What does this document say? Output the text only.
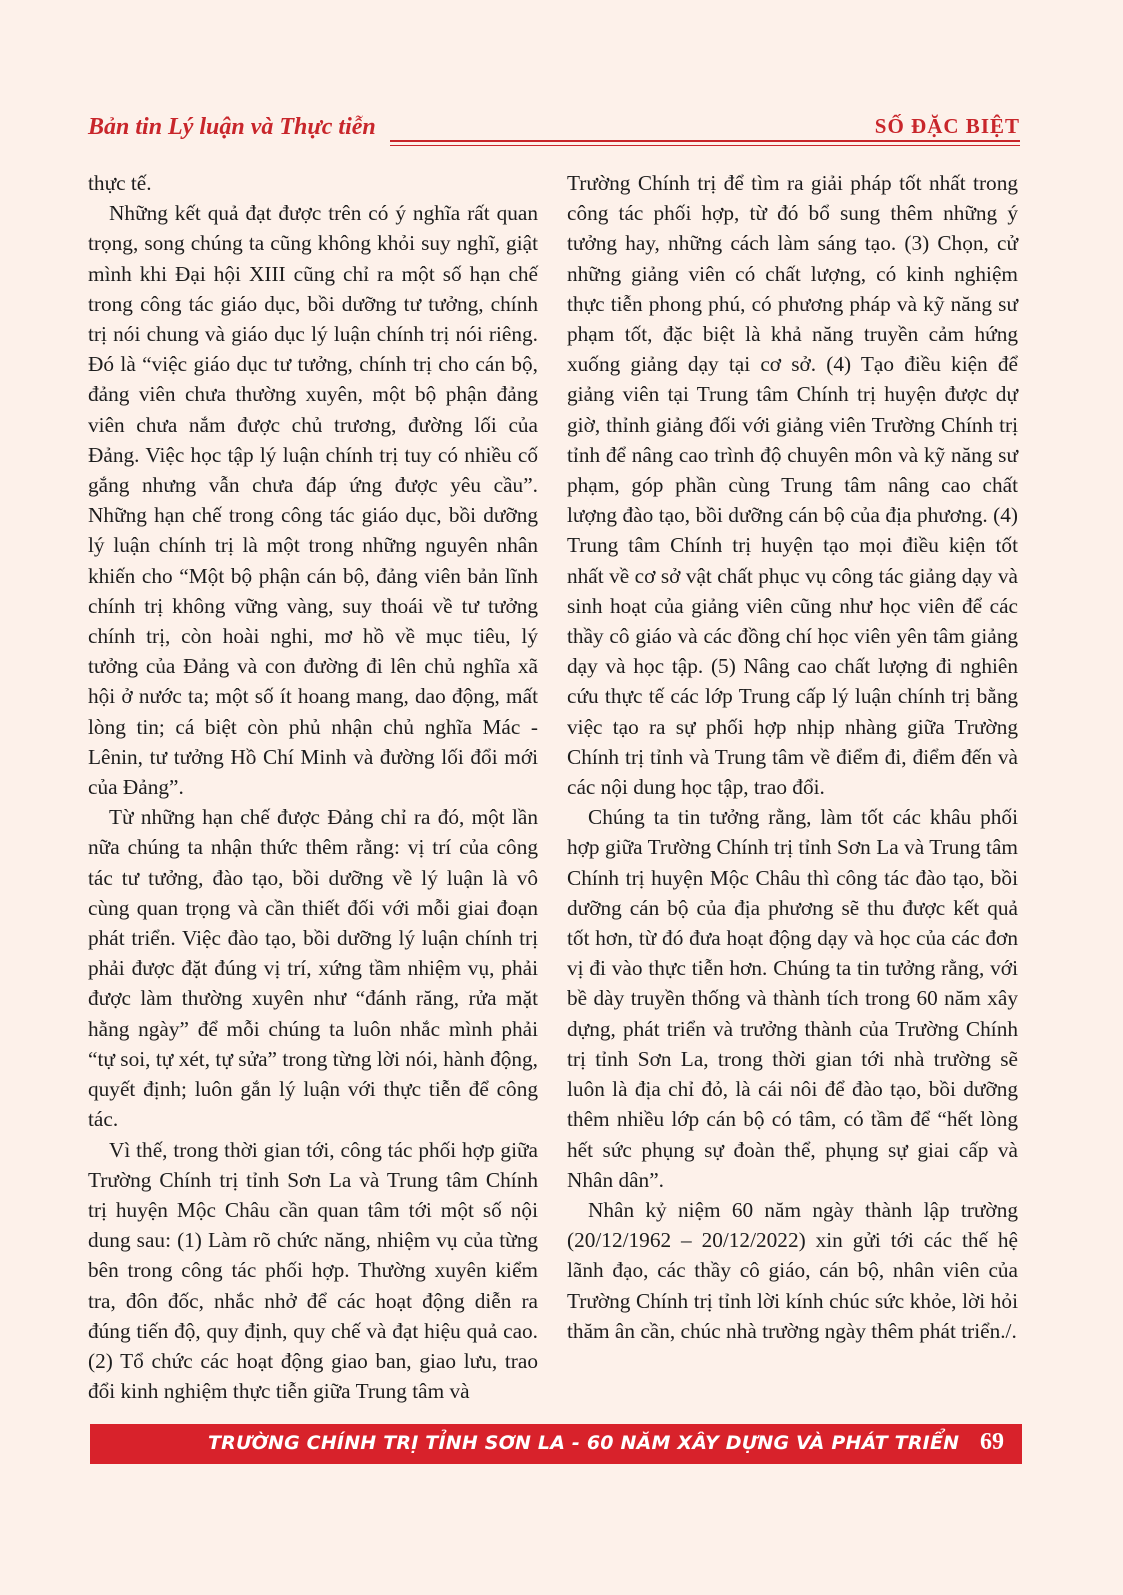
Bản tin Lý luận và Thực tiễn	SỐ ĐẶC BIỆT

thực tế.

Những kết quả đạt được trên có ý nghĩa rất quan trọng, song chúng ta cũng không khỏi suy nghĩ, giật mình khi Đại hội XIII cũng chỉ ra một số hạn chế trong công tác giáo dục, bồi dưỡng tư tưởng, chính trị nói chung và giáo dục lý luận chính trị nói riêng. Đó là “việc giáo dục tư tưởng, chính trị cho cán bộ, đảng viên chưa thường xuyên, một bộ phận đảng viên chưa nắm được chủ trương, đường lối của Đảng. Việc học tập lý luận chính trị tuy có nhiều cố gắng nhưng vẫn chưa đáp ứng được yêu cầu”. Những hạn chế trong công tác giáo dục, bồi dưỡng lý luận chính trị là một trong những nguyên nhân khiến cho “Một bộ phận cán bộ, đảng viên bản lĩnh chính trị không vững vàng, suy thoái về tư tưởng chính trị, còn hoài nghi, mơ hồ về mục tiêu, lý tưởng của Đảng và con đường đi lên chủ nghĩa xã hội ở nước ta; một số ít hoang mang, dao động, mất lòng tin; cá biệt còn phủ nhận chủ nghĩa Mác - Lênin, tư tưởng Hồ Chí Minh và đường lối đổi mới của Đảng”.

Từ những hạn chế được Đảng chỉ ra đó, một lần nữa chúng ta nhận thức thêm rằng: vị trí của công tác tư tưởng, đào tạo, bồi dưỡng về lý luận là vô cùng quan trọng và cần thiết đối với mỗi giai đoạn phát triển. Việc đào tạo, bồi dưỡng lý luận chính trị phải được đặt đúng vị trí, xứng tầm nhiệm vụ, phải được làm thường xuyên như “đánh răng, rửa mặt hằng ngày” để mỗi chúng ta luôn nhắc mình phải “tự soi, tự xét, tự sửa” trong từng lời nói, hành động, quyết định; luôn gắn lý luận với thực tiễn để công tác.

Vì thế, trong thời gian tới, công tác phối hợp giữa Trường Chính trị tỉnh Sơn La và Trung tâm Chính trị huyện Mộc Châu cần quan tâm tới một số nội dung sau: (1) Làm rõ chức năng, nhiệm vụ của từng bên trong công tác phối hợp. Thường xuyên kiểm tra, đôn đốc, nhắc nhở để các hoạt động diễn ra đúng tiến độ, quy định, quy chế và đạt hiệu quả cao. (2) Tổ chức các hoạt động giao ban, giao lưu, trao đổi kinh nghiệm thực tiễn giữa Trung tâm và

Trường Chính trị để tìm ra giải pháp tốt nhất trong công tác phối hợp, từ đó bổ sung thêm những ý tưởng hay, những cách làm sáng tạo. (3) Chọn, cử những giảng viên có chất lượng, có kinh nghiệm thực tiễn phong phú, có phương pháp và kỹ năng sư phạm tốt, đặc biệt là khả năng truyền cảm hứng xuống giảng dạy tại cơ sở. (4) Tạo điều kiện để giảng viên tại Trung tâm Chính trị huyện được dự giờ, thỉnh giảng đối với giảng viên Trường Chính trị tỉnh để nâng cao trình độ chuyên môn và kỹ năng sư phạm, góp phần cùng Trung tâm nâng cao chất lượng đào tạo, bồi dưỡng cán bộ của địa phương. (4) Trung tâm Chính trị huyện tạo mọi điều kiện tốt nhất về cơ sở vật chất phục vụ công tác giảng dạy và sinh hoạt của giảng viên cũng như học viên để các thầy cô giáo và các đồng chí học viên yên tâm giảng dạy và học tập. (5) Nâng cao chất lượng đi nghiên cứu thực tế các lớp Trung cấp lý luận chính trị bằng việc tạo ra sự phối hợp nhịp nhàng giữa Trường Chính trị tỉnh và Trung tâm về điểm đi, điểm đến và các nội dung học tập, trao đổi.

Chúng ta tin tưởng rằng, làm tốt các khâu phối hợp giữa Trường Chính trị tỉnh Sơn La và Trung tâm Chính trị huyện Mộc Châu thì công tác đào tạo, bồi dưỡng cán bộ của địa phương sẽ thu được kết quả tốt hơn, từ đó đưa hoạt động dạy và học của các đơn vị đi vào thực tiễn hơn. Chúng ta tin tưởng rằng, với bề dày truyền thống và thành tích trong 60 năm xây dựng, phát triển và trưởng thành của Trường Chính trị tỉnh Sơn La, trong thời gian tới nhà trường sẽ luôn là địa chỉ đỏ, là cái nôi để đào tạo, bồi dưỡng thêm nhiều lớp cán bộ có tâm, có tầm để “hết lòng hết sức phụng sự đoàn thể, phụng sự giai cấp và Nhân dân”.

Nhân kỷ niệm 60 năm ngày thành lập trường (20/12/1962 – 20/12/2022) xin gửi tới các thế hệ lãnh đạo, các thầy cô giáo, cán bộ, nhân viên của Trường Chính trị tỉnh lời kính chúc sức khỏe, lời hỏi thăm ân cần, chúc nhà trường ngày thêm phát triển./.

TRƯỜNG CHÍNH TRỊ TỈNH SƠN LA - 60 NĂM XÂY DỰNG VÀ PHÁT TRIỂN 69
